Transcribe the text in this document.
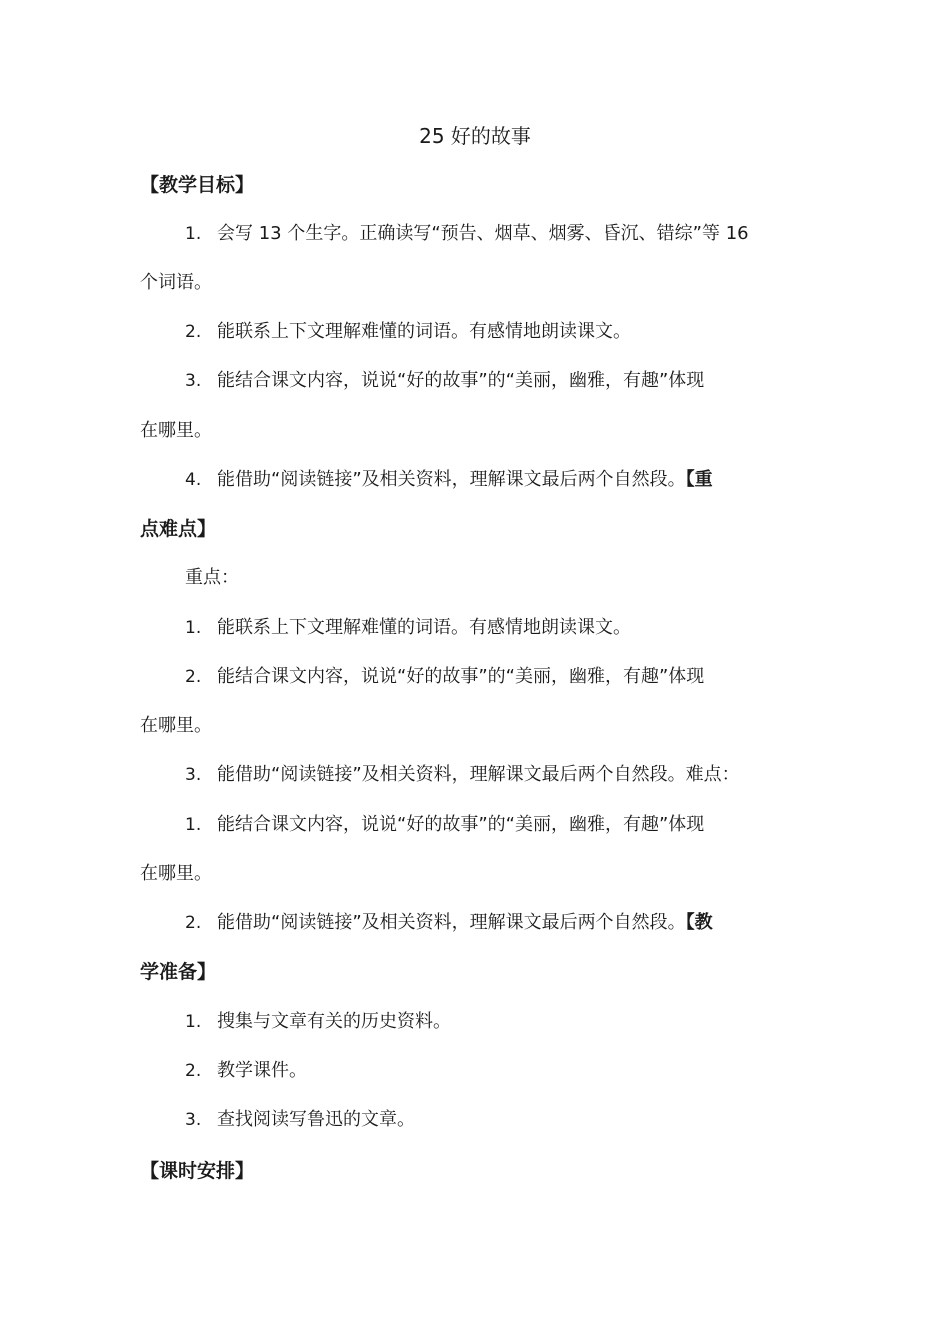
25 好的故事
【教学目标】
1. 会写 13 个生字。正确读写“预告、烟草、烟雾、昏沉、错综”等 16
个词语。
2. 能联系上下文理解难懂的词语。有感情地朗读课文。
3. 能结合课文内容，说说“好的故事”的“美丽，幽雅，有趣”体现
在哪里。
4. 能借助“阅读链接”及相关资料，理解课文最后两个自然段。【重
点难点】
重点：
1. 能联系上下文理解难懂的词语。有感情地朗读课文。
2. 能结合课文内容，说说“好的故事”的“美丽，幽雅，有趣”体现
在哪里。
3. 能借助“阅读链接”及相关资料，理解课文最后两个自然段。难点：
1. 能结合课文内容，说说“好的故事”的“美丽，幽雅，有趣”体现
在哪里。
2. 能借助“阅读链接”及相关资料，理解课文最后两个自然段。【教
学准备】
1. 搜集与文章有关的历史资料。
2. 教学课件。
3. 查找阅读写鲁迅的文章。
【课时安排】
